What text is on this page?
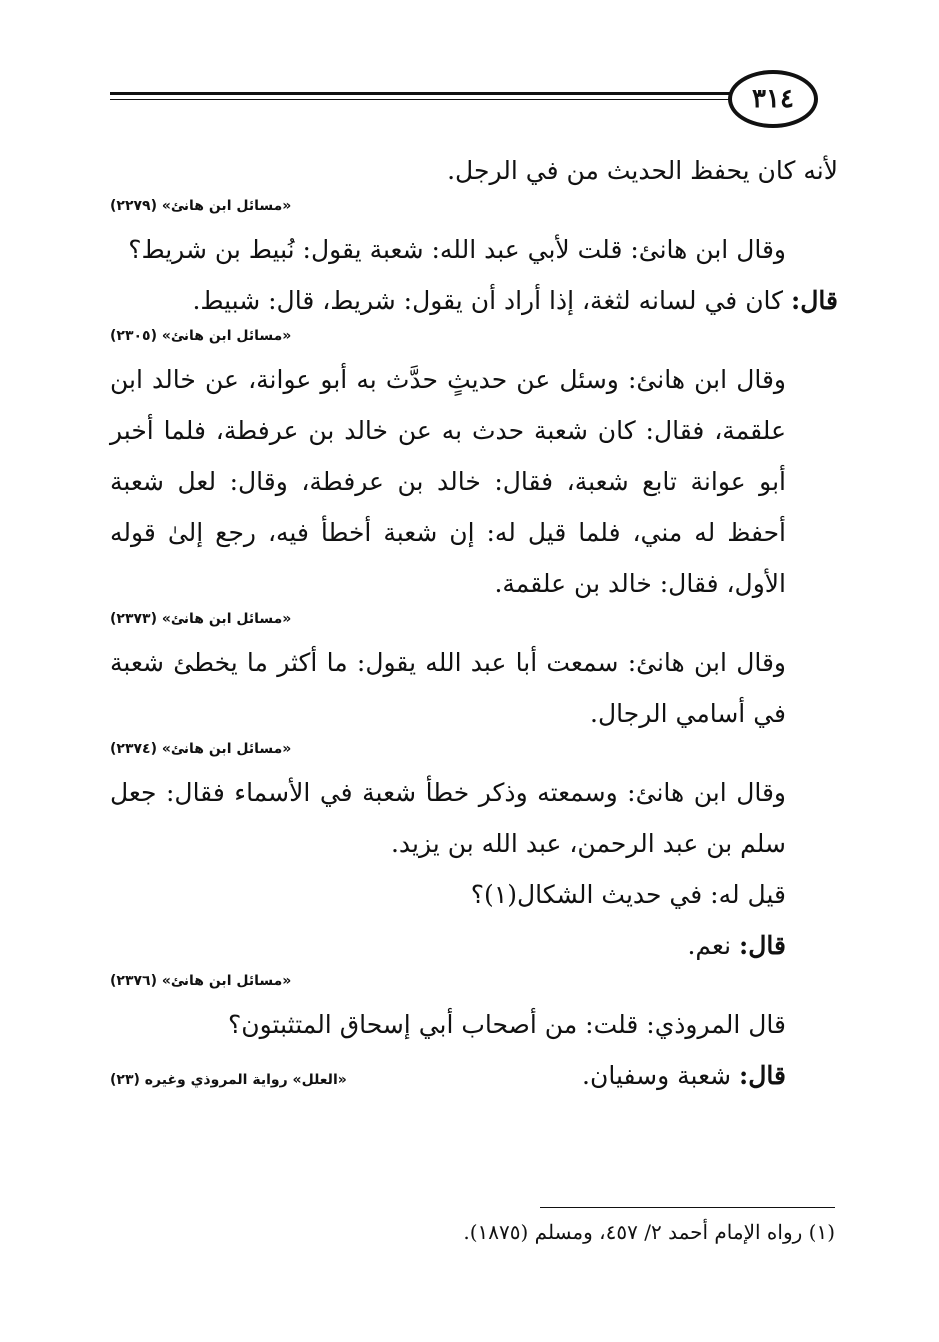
٣١٤

لأنه كان يحفظ الحديث من في الرجل.

«مسائل ابن هانئ» (٢٢٧٩)

وقال ابن هانئ: قلت لأبي عبد الله: شعبة يقول: نُبيط بن شريط؟

قال: كان في لسانه لثغة، إذا أراد أن يقول: شريط، قال: شبيط.

«مسائل ابن هانئ» (٢٣٠٥)

وقال ابن هانئ: وسئل عن حديثٍ حدَّث به أبو عوانة، عن خالد ابن علقمة، فقال: كان شعبة حدث به عن خالد بن عرفطة، فلما أخبر أبو عوانة تابع شعبة، فقال: خالد بن عرفطة، وقال: لعل شعبة أحفظ له مني، فلما قيل له: إن شعبة أخطأ فيه، رجع إلىٰ قوله الأول، فقال: خالد بن علقمة.

«مسائل ابن هانئ» (٢٣٧٣)

وقال ابن هانئ: سمعت أبا عبد الله يقول: ما أكثر ما يخطئ شعبة في أسامي الرجال.

«مسائل ابن هانئ» (٢٣٧٤)

وقال ابن هانئ: وسمعته وذكر خطأ شعبة في الأسماء فقال: جعل سلم بن عبد الرحمن، عبد الله بن يزيد.

قيل له: في حديث الشكال(١)؟

قال: نعم.

«مسائل ابن هانئ» (٢٣٧٦)

قال المروذي: قلت: من أصحاب أبي إسحاق المتثبتون؟

قال: شعبة وسفيان.
«العلل» رواية المروذي وغيره (٢٣)
(١) رواه الإمام أحمد ٢/ ٤٥٧، ومسلم (١٨٧٥).
